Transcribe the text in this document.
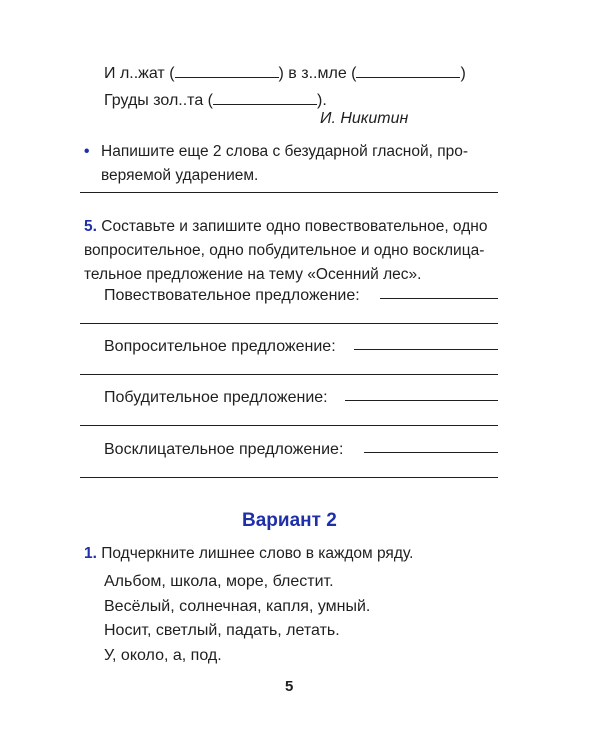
И л..жат (	) в з..мле (	)
Груды зол..та (	).
И. Никитин
• Напишите еще 2 слова с безударной гласной, про-
веряемой ударением.
5. Составьте и запишите одно повествовательное, одно
вопросительное, одно побудительное и одно восклица-
тельное предложение на тему «Осенний лес».
Повествовательное предложение:
Вопросительное предложение:
Побудительное предложение:
Восклицательное предложение:
Вариант 2
1. Подчеркните лишнее слово в каждом ряду.
Альбом, школа, море, блестит.
Весёлый, солнечная, капля, умный.
Носит, светлый, падать, летать.
У, около, а, под.
5
